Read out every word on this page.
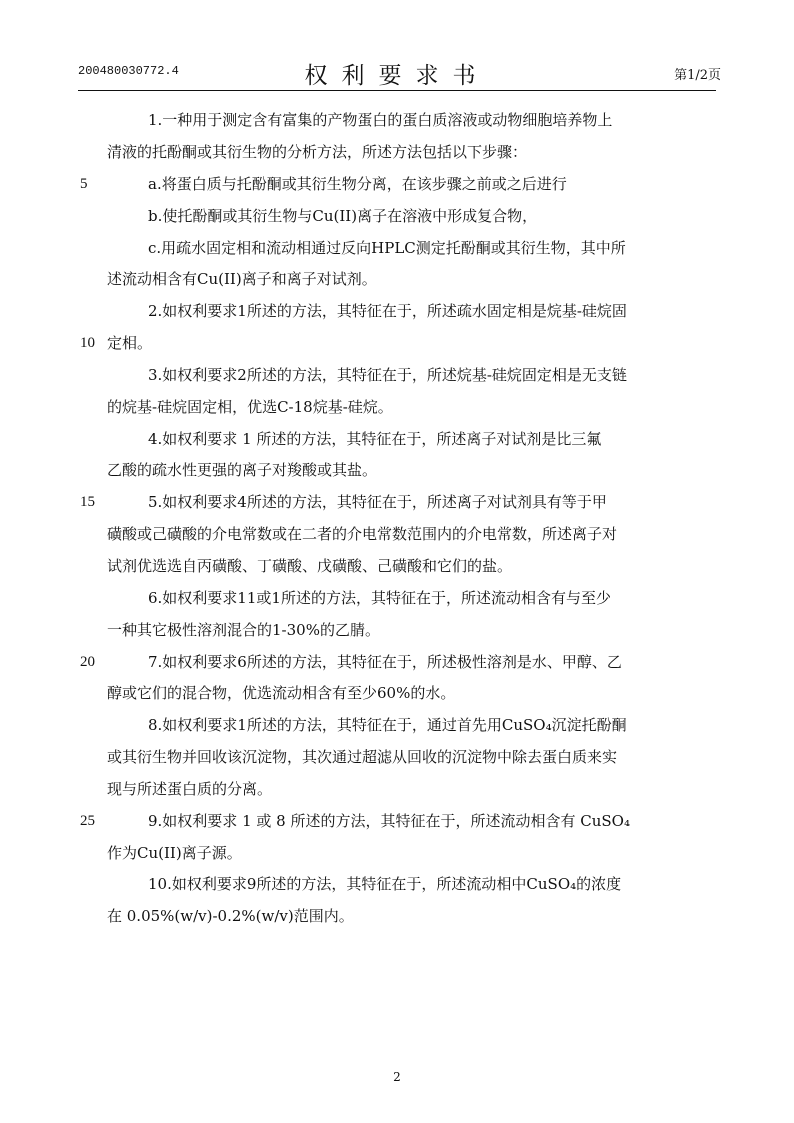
200480030772.4	权利要求书	第1/2页
1.一种用于测定含有富集的产物蛋白的蛋白质溶液或动物细胞培养物上
清液的托酚酮或其衍生物的分析方法，所述方法包括以下步骤：
a.将蛋白质与托酚酮或其衍生物分离，在该步骤之前或之后进行
b.使托酚酮或其衍生物与Cu(II)离子在溶液中形成复合物，
c.用疏水固定相和流动相通过反向HPLC测定托酚酮或其衍生物，其中所
述流动相含有Cu(II)离子和离子对试剂。
2.如权利要求1所述的方法，其特征在于，所述疏水固定相是烷基-硅烷固
定相。
3.如权利要求2所述的方法，其特征在于，所述烷基-硅烷固定相是无支链
的烷基-硅烷固定相，优选C-18烷基-硅烷。
4.如权利要求 1 所述的方法，其特征在于，所述离子对试剂是比三氟
乙酸的疏水性更强的离子对羧酸或其盐。
5.如权利要求4所述的方法，其特征在于，所述离子对试剂具有等于甲
磺酸或己磺酸的介电常数或在二者的介电常数范围内的介电常数，所述离子对
试剂优选选自丙磺酸、丁磺酸、戊磺酸、己磺酸和它们的盐。
6.如权利要求11或1所述的方法，其特征在于，所述流动相含有与至少
一种其它极性溶剂混合的1-30%的乙腈。
7.如权利要求6所述的方法，其特征在于，所述极性溶剂是水、甲醇、乙
醇或它们的混合物，优选流动相含有至少60%的水。
8.如权利要求1所述的方法，其特征在于，通过首先用CuSO₄沉淀托酚酮
或其衍生物并回收该沉淀物，其次通过超滤从回收的沉淀物中除去蛋白质来实
现与所述蛋白质的分离。
9.如权利要求 1 或 8 所述的方法，其特征在于，所述流动相含有 CuSO₄
作为Cu(II)离子源。
10.如权利要求9所述的方法，其特征在于，所述流动相中CuSO₄的浓度
在 0.05%(w/v)-0.2%(w/v)范围内。
5
10
15
20
25
2
